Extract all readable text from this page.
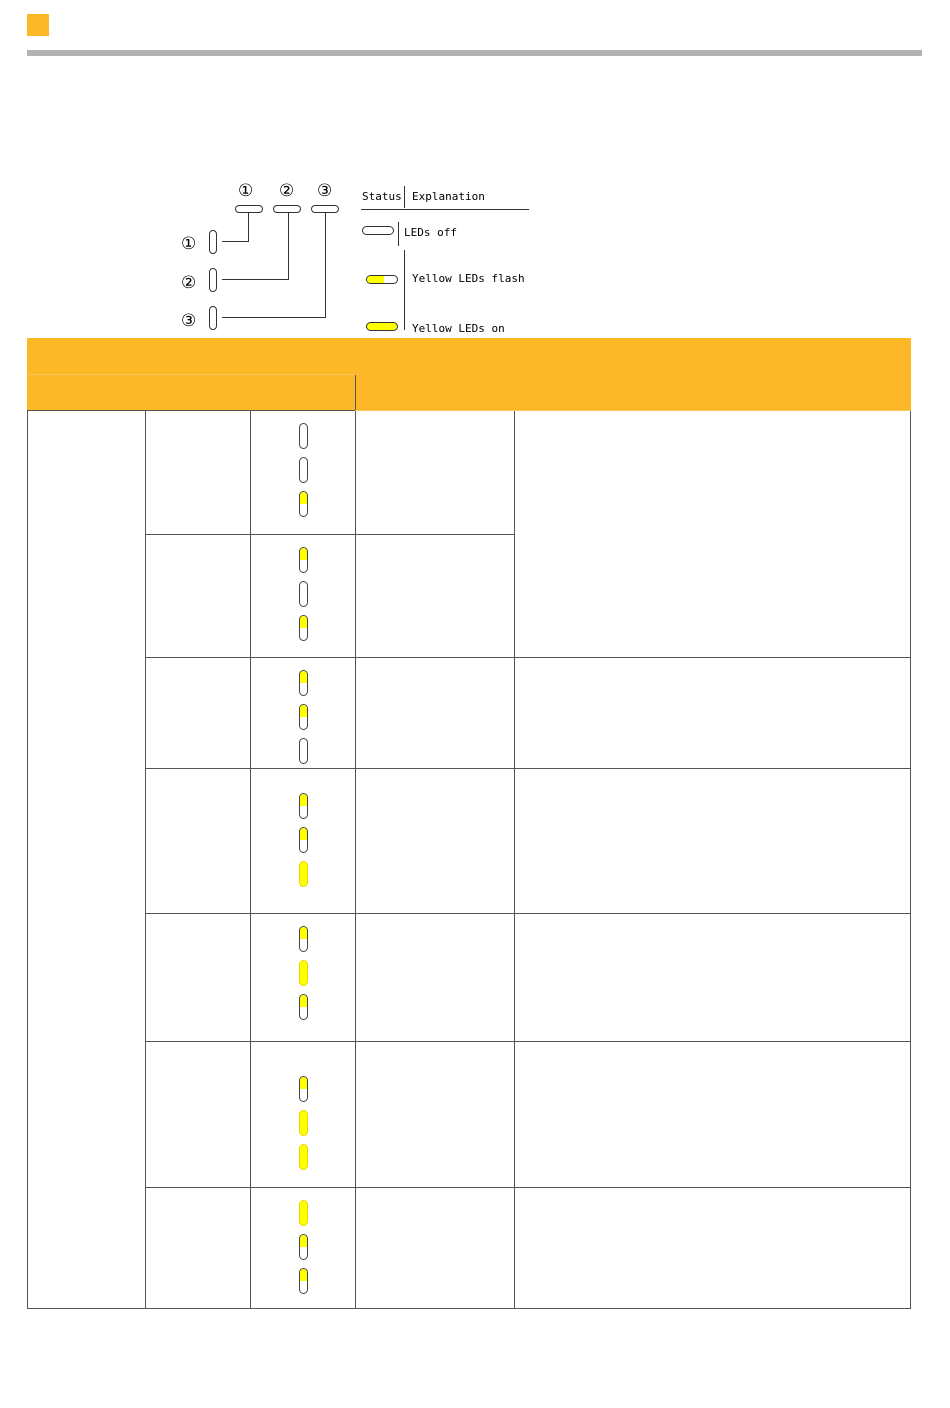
① ② ③
①
②
③
Status Explanation
LEDs off
Yellow LEDs flash
Yellow LEDs on
